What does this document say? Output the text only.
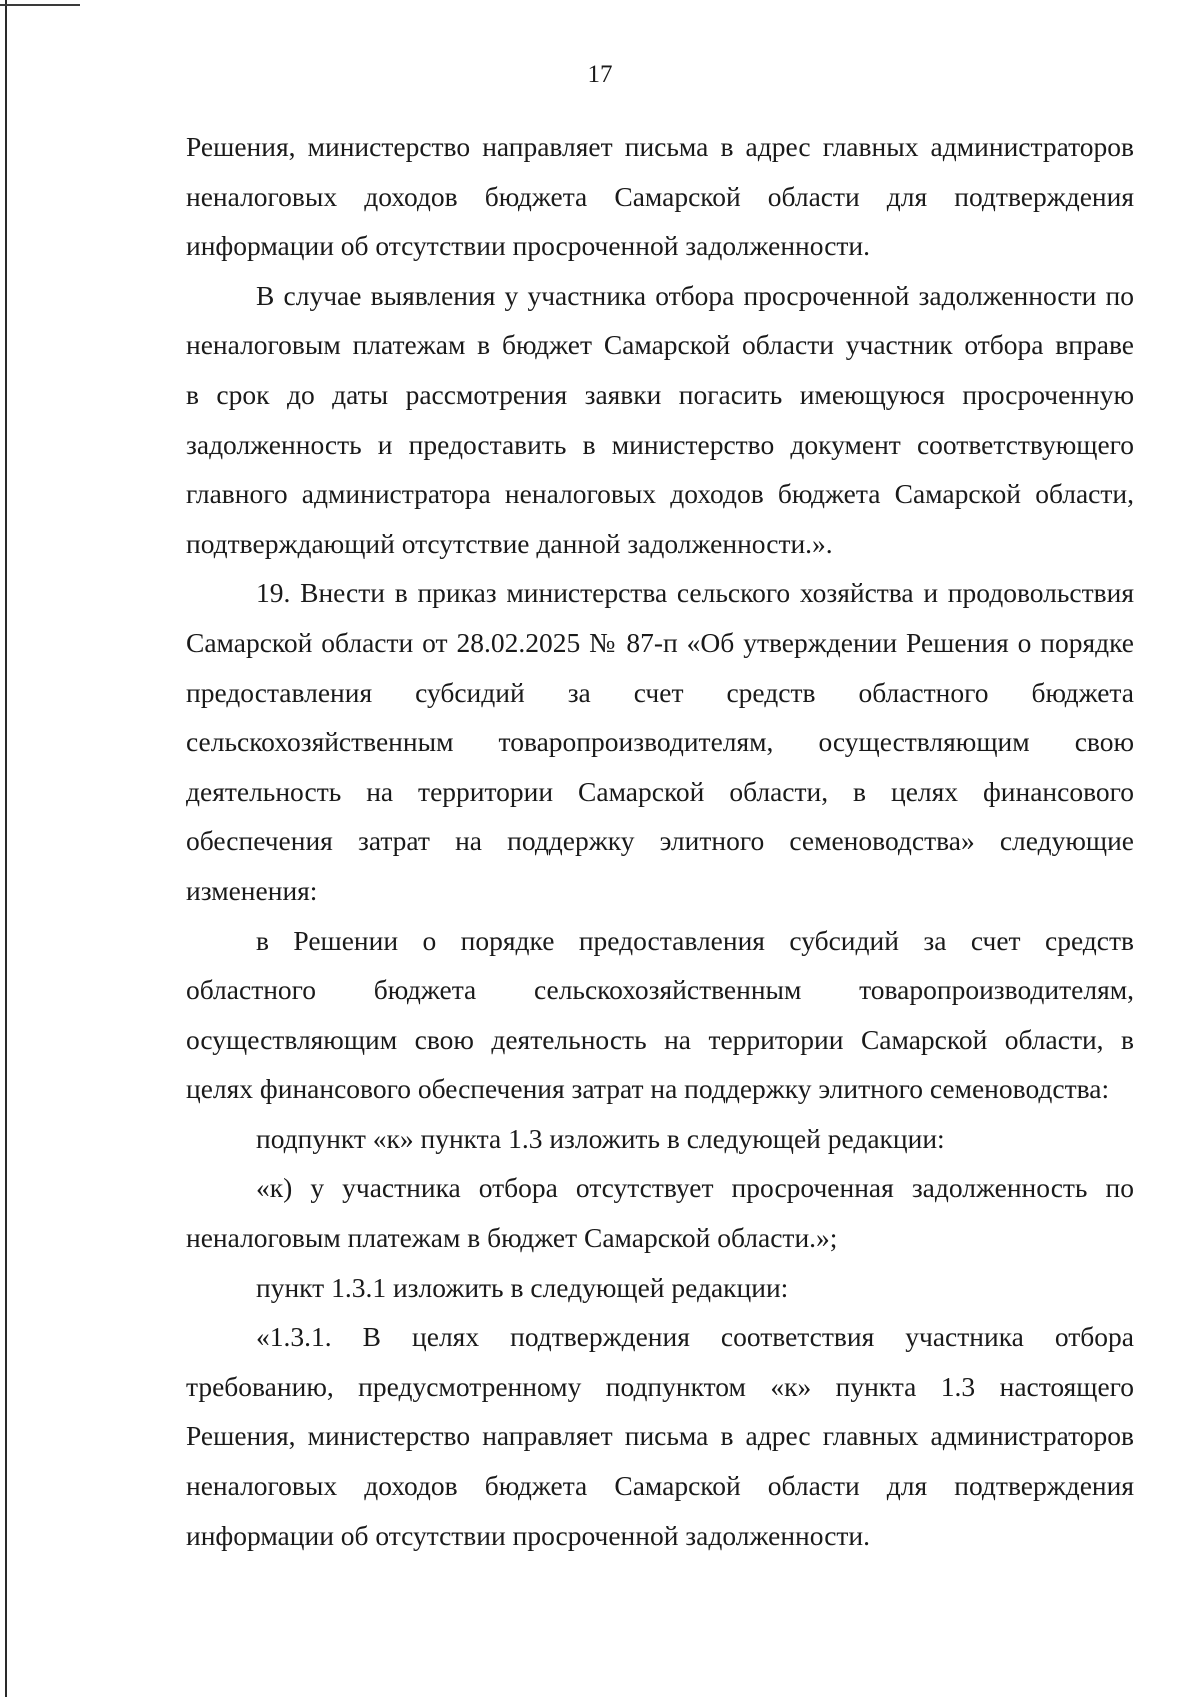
17
Решения, министерство направляет письма в адрес главных администраторов
неналоговых доходов бюджета Самарской области для подтверждения
информации об отсутствии просроченной задолженности.
В случае выявления у участника отбора просроченной задолженности по
неналоговым платежам в бюджет Самарской области участник отбора вправе
в срок до даты рассмотрения заявки погасить имеющуюся просроченную
задолженность и предоставить в министерство документ соответствующего
главного администратора неналоговых доходов бюджета Самарской области,
подтверждающий отсутствие данной задолженности.».
19. Внести в приказ министерства сельского хозяйства и продовольствия
Самарской области от 28.02.2025 № 87-п «Об утверждении Решения о порядке
предоставления субсидий за счет средств областного бюджета
сельскохозяйственным товаропроизводителям, осуществляющим свою
деятельность на территории Самарской области, в целях финансового
обеспечения затрат на поддержку элитного семеноводства» следующие
изменения:
в Решении о порядке предоставления субсидий за счет средств
областного бюджета сельскохозяйственным товаропроизводителям,
осуществляющим свою деятельность на территории Самарской области, в
целях финансового обеспечения затрат на поддержку элитного семеноводства:
подпункт «к» пункта 1.3 изложить в следующей редакции:
«к) у участника отбора отсутствует просроченная задолженность по
неналоговым платежам в бюджет Самарской области.»;
пункт 1.3.1 изложить в следующей редакции:
«1.3.1. В целях подтверждения соответствия участника отбора
требованию, предусмотренному подпунктом «к» пункта 1.3 настоящего
Решения, министерство направляет письма в адрес главных администраторов
неналоговых доходов бюджета Самарской области для подтверждения
информации об отсутствии просроченной задолженности.
